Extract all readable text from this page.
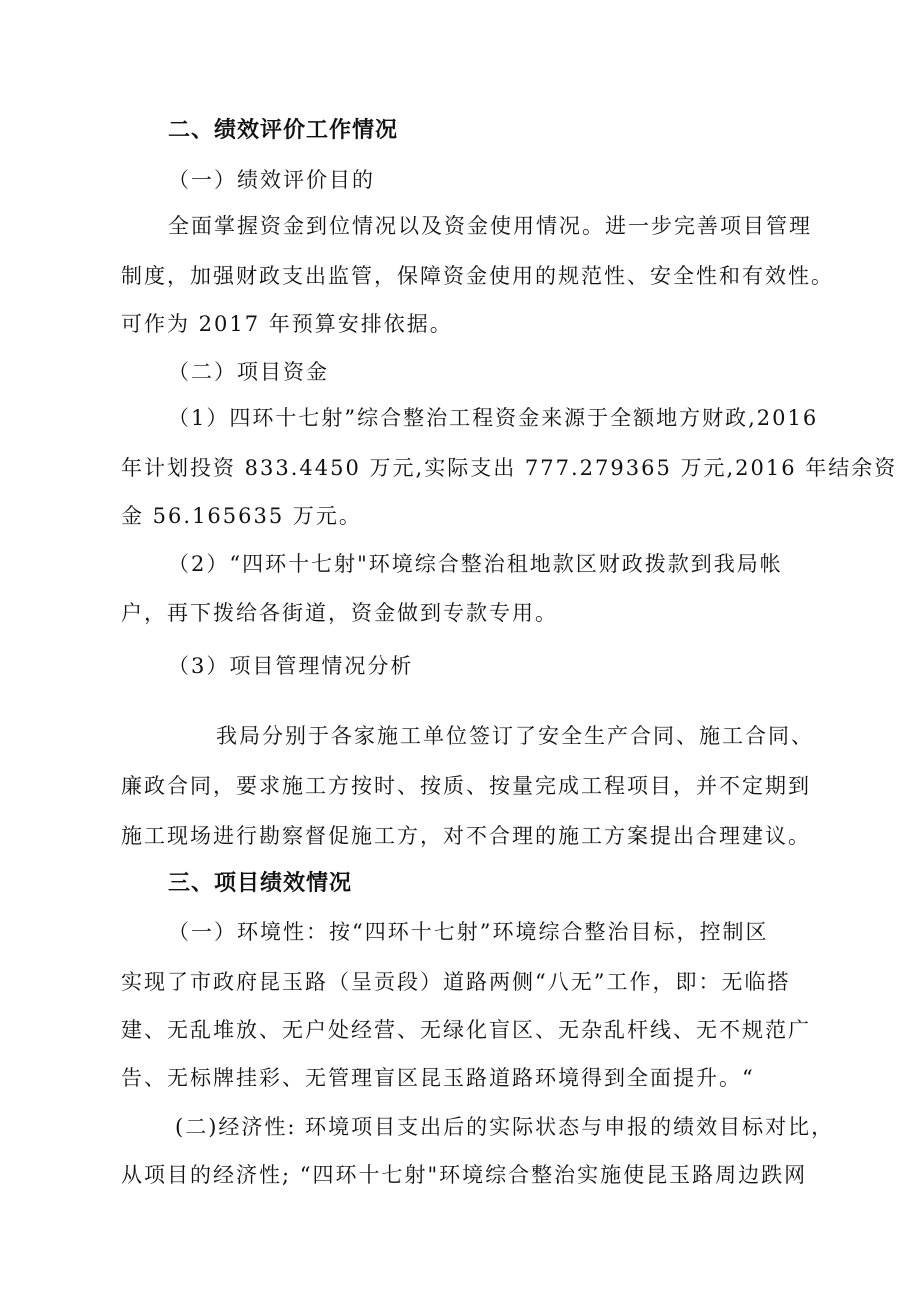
二、绩效评价工作情况
（一）绩效评价目的
全面掌握资金到位情况以及资金使用情况。进一步完善项目管理
制度，加强财政支出监管，保障资金使用的规范性、安全性和有效性。
可作为 2017 年预算安排依据。
（二）项目资金
（1）四环十七射”综合整治工程资金来源于全额地方财政,2016
年计划投资 833.4450 万元,实际支出 777.279365 万元,2016 年结余资
金 56.165635 万元。
（2）“四环十七射"环境综合整治租地款区财政拨款到我局帐
户，再下拨给各街道，资金做到专款专用。
（3）项目管理情况分析
我局分别于各家施工单位签订了安全生产合同、施工合同、
廉政合同，要求施工方按时、按质、按量完成工程项目，并不定期到
施工现场进行勘察督促施工方，对不合理的施工方案提出合理建议。
三、项目绩效情况
（一）环境性：按“四环十七射”环境综合整治目标，控制区
实现了市政府昆玉路（呈贡段）道路两侧“八无”工作，即：无临搭
建、无乱堆放、无户处经营、无绿化盲区、无杂乱杆线、无不规范广
告、无标牌挂彩、无管理盲区昆玉路道路环境得到全面提升。“
(二)经济性: 环境项目支出后的实际状态与申报的绩效目标对比，
从项目的经济性; “四环十七射"环境综合整治实施使昆玉路周边跌网
